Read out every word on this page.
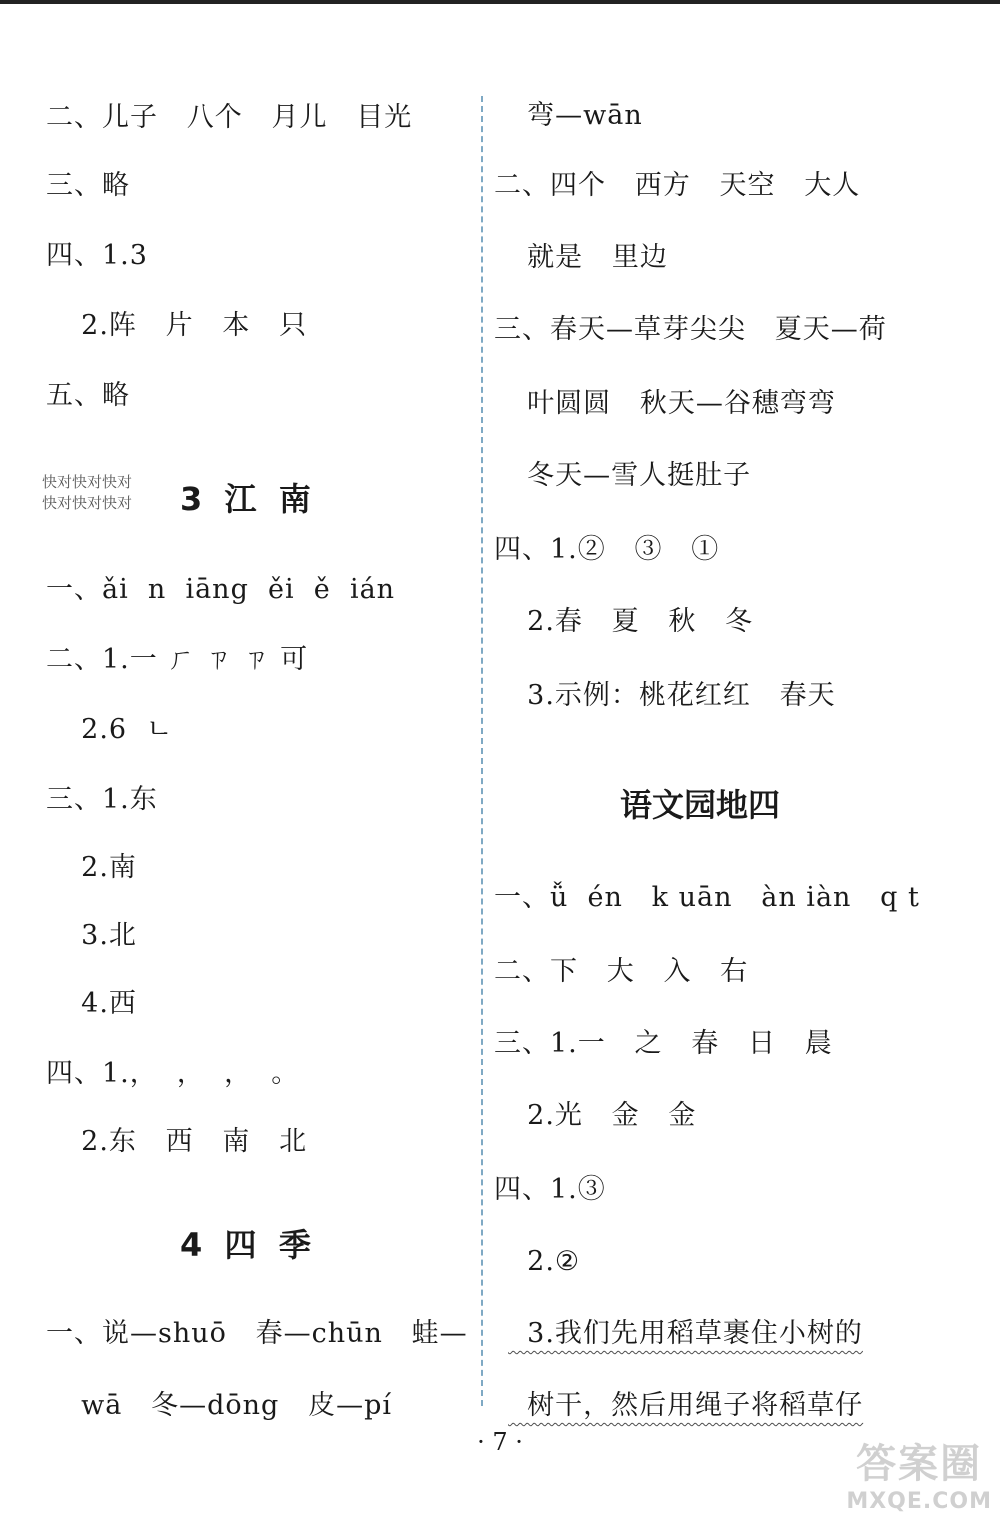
二、儿子   八个   月儿   目光
三、略
四、1.3
2.阵   片   本   只
五、略
快对快对快对
快对快对快对 3  江  南
一、ǎi  n  iāng  ěi  ě  ián
二、1.一 ㄏ ㄗ ㄗ 可
2.6  ㄴ
三、1.东
2.南
3.北
4.西
四、1.，  ，  ，  。
2.东   西   南   北
4  四  季
一、说—shuō   春—chūn   蛙—
wā   冬—dōng   皮—pí
弯—wān
二、四个   西方   天空   大人
就是   里边
三、春天—草芽尖尖   夏天—荷
叶圆圆   秋天—谷穗弯弯
冬天—雪人挺肚子
四、1.②   ③   ①
2.春   夏   秋   冬
3.示例：桃花红红   春天
语文园地四
一、ǚ  én   k uān   àn iàn   q t
二、下   大   入   右
三、1.一   之   春   日   晨
2.光   金   金
四、1.③
2.②
3.我们先用稻草裹住小树的
树干，然后用绳子将稻草仔
· 7 ·	答案圈
MXQE.COM
